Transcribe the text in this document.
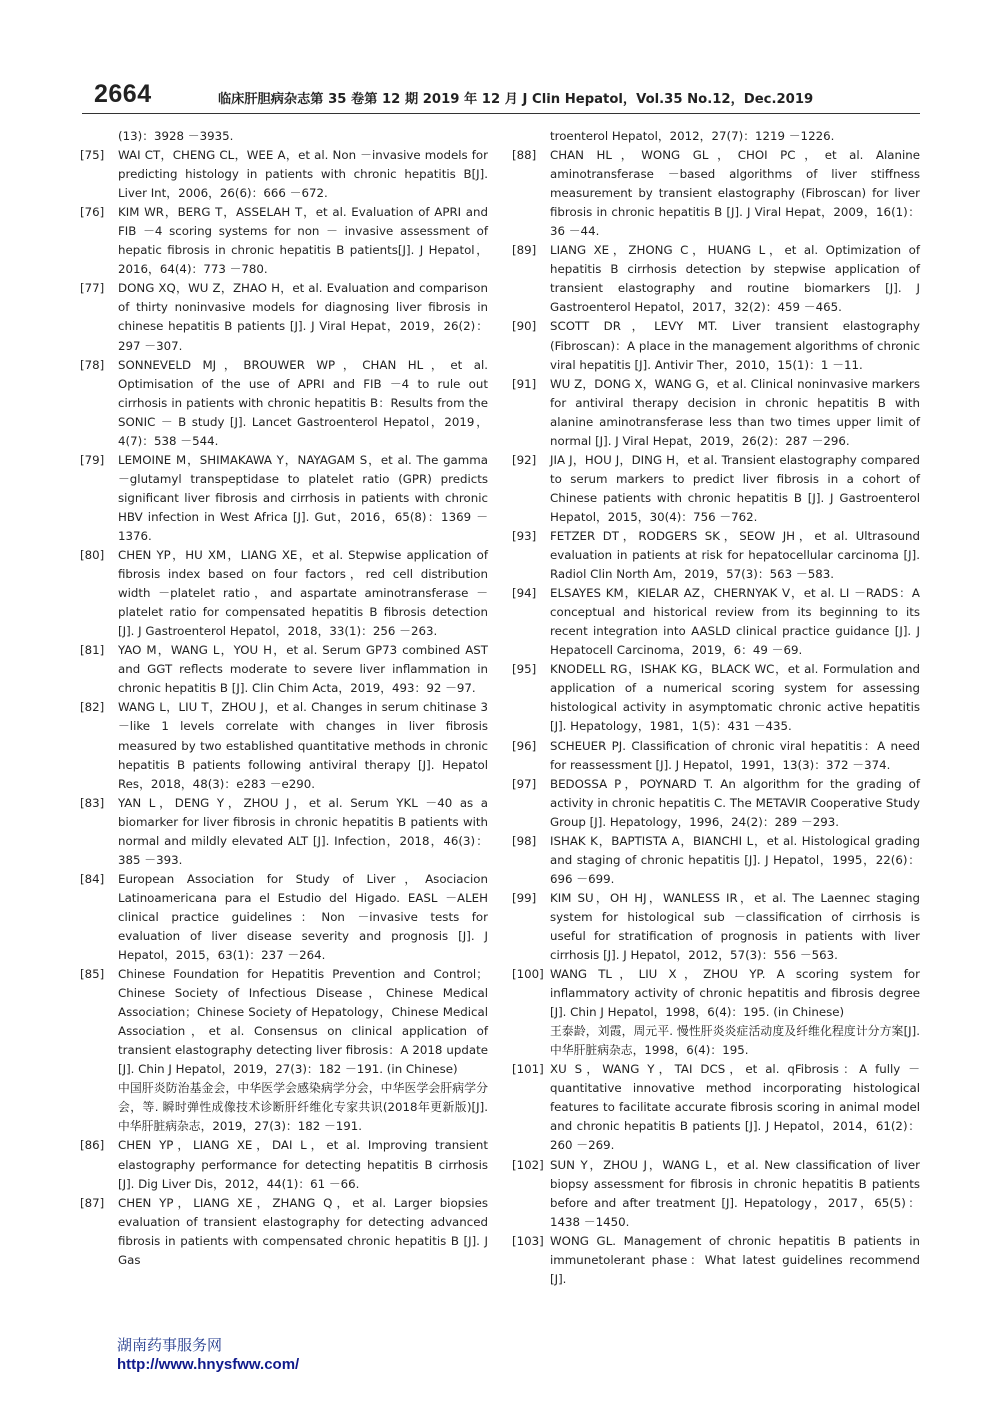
2664	临床肝胆病杂志第 35 卷第 12 期 2019 年 12 月 J Clin Hepatol，Vol.35 No.12，Dec.2019
(13)：3928 －3935.
[75]	WAI CT，CHENG CL，WEE A，et al. Non －invasive models for predicting histology in patients with chronic hepatitis B[J]. Liver Int，2006，26(6)：666 －672.
[76]	KIM WR，BERG T，ASSELAH T，et al. Evaluation of APRI and FIB －4 scoring systems for non － invasive assessment of hepatic fibrosis in chronic hepatitis B patients[J]. J Hepatol，2016，64(4)：773 －780.
[77]	DONG XQ，WU Z，ZHAO H，et al. Evaluation and comparison of thirty noninvasive models for diagnosing liver fibrosis in chinese hepatitis B patients [J]. J Viral Hepat，2019，26(2)：297 －307.
[78]	SONNEVELD MJ，BROUWER WP，CHAN HL，et al. Optimisation of the use of APRI and FIB －4 to rule out cirrhosis in patients with chronic hepatitis B：Results from the SONIC － B study [J]. Lancet Gastroenterol Hepatol，2019，4(7)：538 －544.
[79]	LEMOINE M，SHIMAKAWA Y，NAYAGAM S，et al. The gamma －glutamyl transpeptidase to platelet ratio (GPR) predicts significant liver fibrosis and cirrhosis in patients with chronic HBV infection in West Africa [J]. Gut，2016，65(8)：1369 －1376.
[80]	CHEN YP，HU XM，LIANG XE，et al. Stepwise application of fibrosis index based on four factors，red cell distribution width －platelet ratio，and aspartate aminotransferase －platelet ratio for compensated hepatitis B fibrosis detection [J]. J Gastroenterol Hepatol，2018，33(1)：256 －263.
[81]	YAO M，WANG L，YOU H，et al. Serum GP73 combined AST and GGT reflects moderate to severe liver inflammation in chronic hepatitis B [J]. Clin Chim Acta，2019，493：92 －97.
[82]	WANG L，LIU T，ZHOU J，et al. Changes in serum chitinase 3 －like 1 levels correlate with changes in liver fibrosis measured by two established quantitative methods in chronic hepatitis B patients following antiviral therapy [J]. Hepatol Res，2018，48(3)：e283 －e290.
[83]	YAN L，DENG Y，ZHOU J，et al. Serum YKL －40 as a biomarker for liver fibrosis in chronic hepatitis B patients with normal and mildly elevated ALT [J]. Infection，2018，46(3)：385 －393.
[84]	European Association for Study of Liver，Asociacion Latinoamericana para el Estudio del Higado. EASL －ALEH clinical practice guidelines：Non －invasive tests for evaluation of liver disease severity and prognosis [J]. J Hepatol，2015，63(1)：237 －264.
[85]	Chinese Foundation for Hepatitis Prevention and Control；Chinese Society of Infectious Disease，Chinese Medical Association；Chinese Society of Hepatology，Chinese Medical Association，et al. Consensus on clinical application of transient elastography detecting liver fibrosis：A 2018 update [J]. Chin J Hepatol，2019，27(3)：182 －191. (in Chinese)
中国肝炎防治基金会，中华医学会感染病学分会，中华医学会肝病学分会，等. 瞬时弹性成像技术诊断肝纤维化专家共识(2018年更新版)[J]. 中华肝脏病杂志，2019，27(3)：182 －191.
[86]	CHEN YP，LIANG XE，DAI L，et al. Improving transient elastography performance for detecting hepatitis B cirrhosis [J]. Dig Liver Dis，2012，44(1)：61 －66.
[87]	CHEN YP，LIANG XE，ZHANG Q，et al. Larger biopsies evaluation of transient elastography for detecting advanced fibrosis in patients with compensated chronic hepatitis B [J]. J Gas
troenterol Hepatol，2012，27(7)：1219 －1226.
[88]	CHAN HL，WONG GL，CHOI PC，et al. Alanine aminotransferase －based algorithms of liver stiffness measurement by transient elastography (Fibroscan) for liver fibrosis in chronic hepatitis B [J]. J Viral Hepat，2009，16(1)：36 －44.
[89]	LIANG XE，ZHONG C，HUANG L，et al. Optimization of hepatitis B cirrhosis detection by stepwise application of transient elastography and routine biomarkers [J]. J Gastroenterol Hepatol，2017，32(2)：459 －465.
[90]	SCOTT DR，LEVY MT. Liver transient elastography (Fibroscan)：A place in the management algorithms of chronic viral hepatitis [J]. Antivir Ther，2010，15(1)：1 －11.
[91]	WU Z，DONG X，WANG G，et al. Clinical noninvasive markers for antiviral therapy decision in chronic hepatitis B with alanine aminotransferase less than two times upper limit of normal [J]. J Viral Hepat，2019，26(2)：287 －296.
[92]	JIA J，HOU J，DING H，et al. Transient elastography compared to serum markers to predict liver fibrosis in a cohort of Chinese patients with chronic hepatitis B [J]. J Gastroenterol Hepatol，2015，30(4)：756 －762.
[93]	FETZER DT，RODGERS SK，SEOW JH，et al. Ultrasound evaluation in patients at risk for hepatocellular carcinoma [J]. Radiol Clin North Am，2019，57(3)：563 －583.
[94]	ELSAYES KM，KIELAR AZ，CHERNYAK V，et al. LI －RADS：A conceptual and historical review from its beginning to its recent integration into AASLD clinical practice guidance [J]. J Hepatocell Carcinoma，2019，6：49 －69.
[95]	KNODELL RG，ISHAK KG，BLACK WC，et al. Formulation and application of a numerical scoring system for assessing histological activity in asymptomatic chronic active hepatitis [J]. Hepatology，1981，1(5)：431 －435.
[96]	SCHEUER PJ. Classification of chronic viral hepatitis：A need for reassessment [J]. J Hepatol，1991，13(3)：372 －374.
[97]	BEDOSSA P，POYNARD T. An algorithm for the grading of activity in chronic hepatitis C. The METAVIR Cooperative Study Group [J]. Hepatology，1996，24(2)：289 －293.
[98]	ISHAK K，BAPTISTA A，BIANCHI L，et al. Histological grading and staging of chronic hepatitis [J]. J Hepatol，1995，22(6)：696 －699.
[99]	KIM SU，OH HJ，WANLESS IR，et al. The Laennec staging system for histological sub －classification of cirrhosis is useful for stratification of prognosis in patients with liver cirrhosis [J]. J Hepatol，2012，57(3)：556 －563.
[100] WANG TL，LIU X，ZHOU YP. A scoring system for inflammatory activity of chronic hepatitis and fibrosis degree [J]. Chin J Hepatol，1998，6(4)：195. (in Chinese)
王泰龄，刘霞，周元平. 慢性肝炎炎症活动度及纤维化程度计分方案[J]. 中华肝脏病杂志，1998，6(4)：195.
[101] XU S，WANG Y，TAI DCS，et al. qFibrosis：A fully －quantitative innovative method incorporating histological features to facilitate accurate fibrosis scoring in animal model and chronic hepatitis B patients [J]. J Hepatol，2014，61(2)：260 －269.
[102] SUN Y，ZHOU J，WANG L，et al. New classification of liver biopsy assessment for fibrosis in chronic hepatitis B patients before and after treatment [J]. Hepatology，2017，65(5)：1438 －1450.
[103] WONG GL. Management of chronic hepatitis B patients in immunetolerant phase：What latest guidelines recommend [J].
湖南药事服务网
http://www.hnysfww.com/
